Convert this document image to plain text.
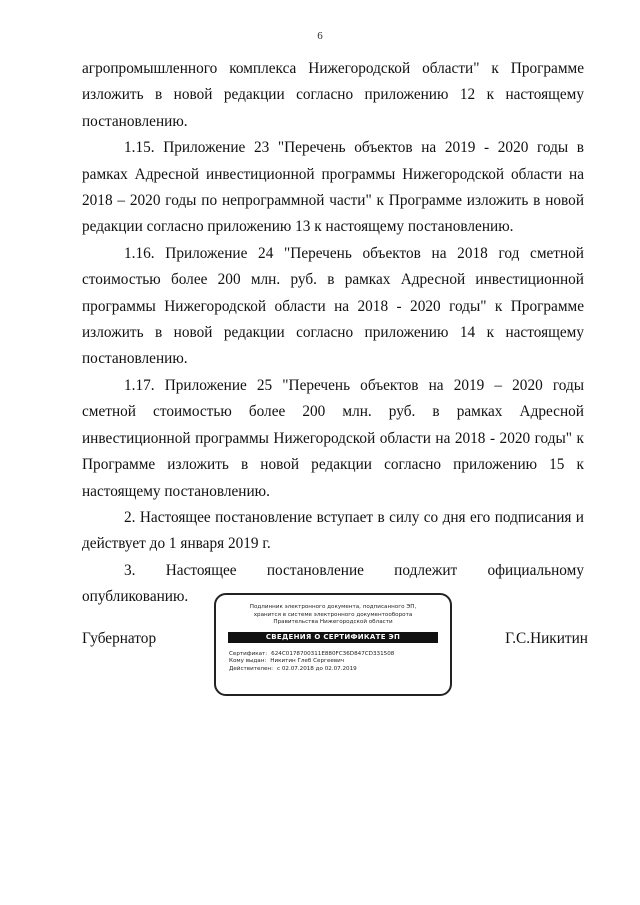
6

агропромышленного комплекса Нижегородской области" к Программе изложить в новой редакции согласно приложению 12 к настоящему постановлению.

1.15. Приложение 23 "Перечень объектов на 2019 - 2020 годы в рамках Адресной инвестиционной программы Нижегородской области на 2018 – 2020 годы по непрограммной части" к Программе изложить в новой редакции согласно приложению 13 к настоящему постановлению.

1.16. Приложение 24 "Перечень объектов на 2018 год сметной стоимостью более 200 млн. руб. в рамках Адресной инвестиционной программы Нижегородской области на 2018 - 2020 годы" к Программе изложить в новой редакции согласно приложению 14 к настоящему постановлению.

1.17. Приложение 25 "Перечень объектов на 2019 – 2020 годы сметной стоимостью более 200 млн. руб. в рамках Адресной инвестиционной программы Нижегородской области на 2018 - 2020 годы" к Программе изложить в новой редакции согласно приложению 15 к настоящему постановлению.

2. Настоящее постановление вступает в силу со дня его подписания и действует до 1 января 2019 г.

3. Настоящее постановление подлежит официальному опубликованию.

Губернатор
Подлинник электронного документа, подписанного ЭП,
хранится в системе электронного документооборота
Правительства Нижегородской области
СВЕДЕНИЯ О СЕРТИФИКАТЕ ЭП
Сертификат: 624C0178700311E880FC36D847CD331508
Кому выдан: Никитин Глеб Сергеевич
Действителен: с 02.07.2018 до 02.07.2019
Г.С.Никитин
